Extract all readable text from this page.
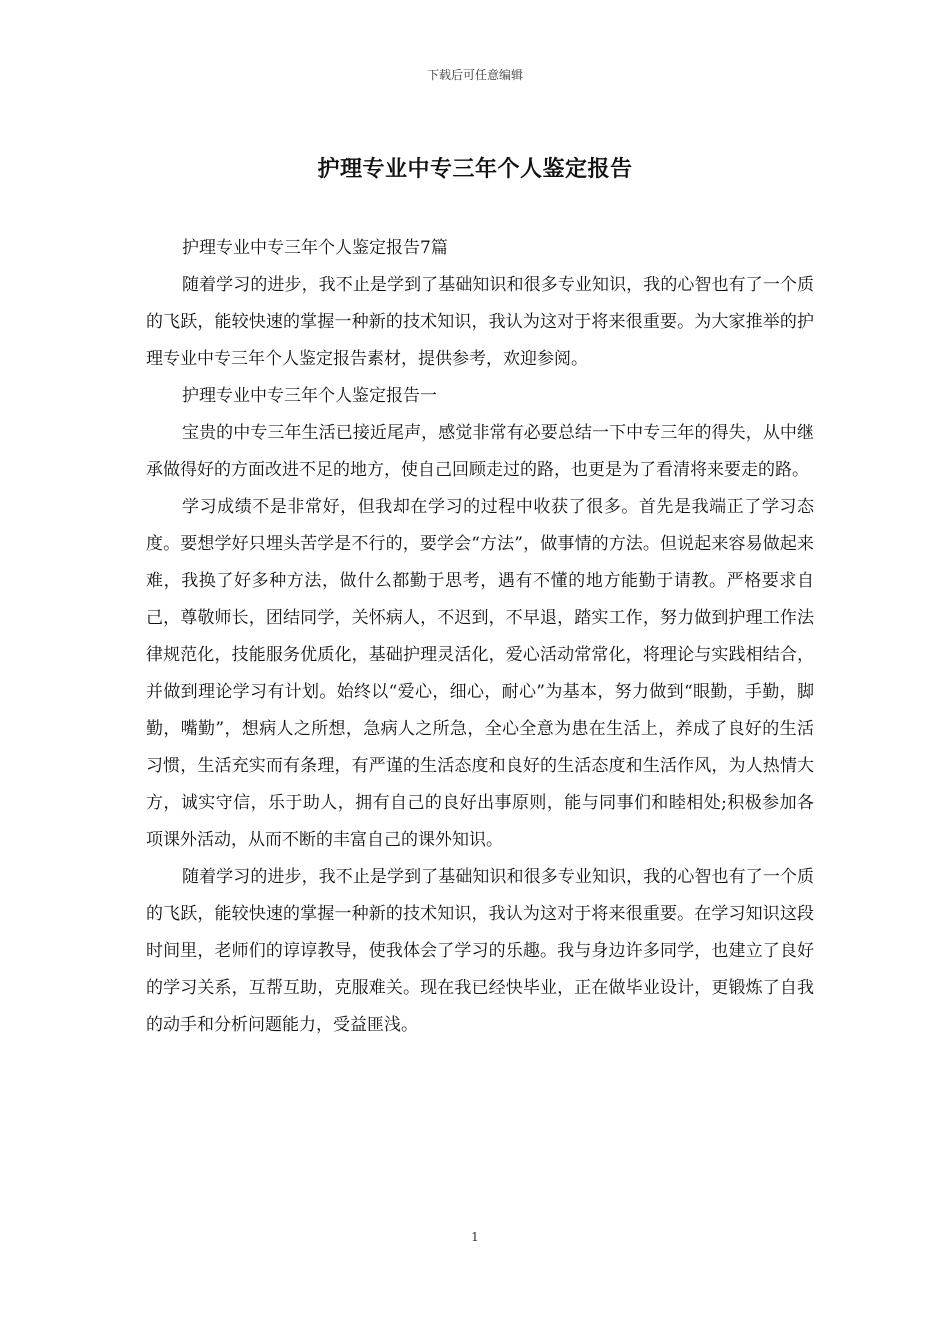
下载后可任意编辑
护理专业中专三年个人鉴定报告

护理专业中专三年个人鉴定报告7篇

随着学习的进步，我不止是学到了基础知识和很多专业知识，我的心智也有了一个质的飞跃，能较快速的掌握一种新的技术知识，我认为这对于将来很重要。为大家推举的护理专业中专三年个人鉴定报告素材，提供参考，欢迎参阅。

护理专业中专三年个人鉴定报告一

宝贵的中专三年生活已接近尾声，感觉非常有必要总结一下中专三年的得失，从中继承做得好的方面改进不足的地方，使自己回顾走过的路，也更是为了看清将来要走的路。

学习成绩不是非常好，但我却在学习的过程中收获了很多。首先是我端正了学习态度。要想学好只埋头苦学是不行的，要学会“方法”，做事情的方法。但说起来容易做起来难，我换了好多种方法，做什么都勤于思考，遇有不懂的地方能勤于请教。严格要求自己，尊敬师长，团结同学，关怀病人，不迟到，不早退，踏实工作，努力做到护理工作法律规范化，技能服务优质化，基础护理灵活化，爱心活动常常化，将理论与实践相结合，并做到理论学习有计划。始终以“爱心，细心，耐心”为基本，努力做到“眼勤，手勤，脚勤，嘴勤”，想病人之所想，急病人之所急，全心全意为患在生活上，养成了良好的生活习惯，生活充实而有条理，有严谨的生活态度和良好的生活态度和生活作风，为人热情大方，诚实守信，乐于助人，拥有自己的良好出事原则，能与同事们和睦相处;积极参加各项课外活动，从而不断的丰富自己的课外知识。

随着学习的进步，我不止是学到了基础知识和很多专业知识，我的心智也有了一个质的飞跃，能较快速的掌握一种新的技术知识，我认为这对于将来很重要。在学习知识这段时间里，老师们的谆谆教导，使我体会了学习的乐趣。我与身边许多同学，也建立了良好的学习关系，互帮互助，克服难关。现在我已经快毕业，正在做毕业设计，更锻炼了自我的动手和分析问题能力，受益匪浅。

1
